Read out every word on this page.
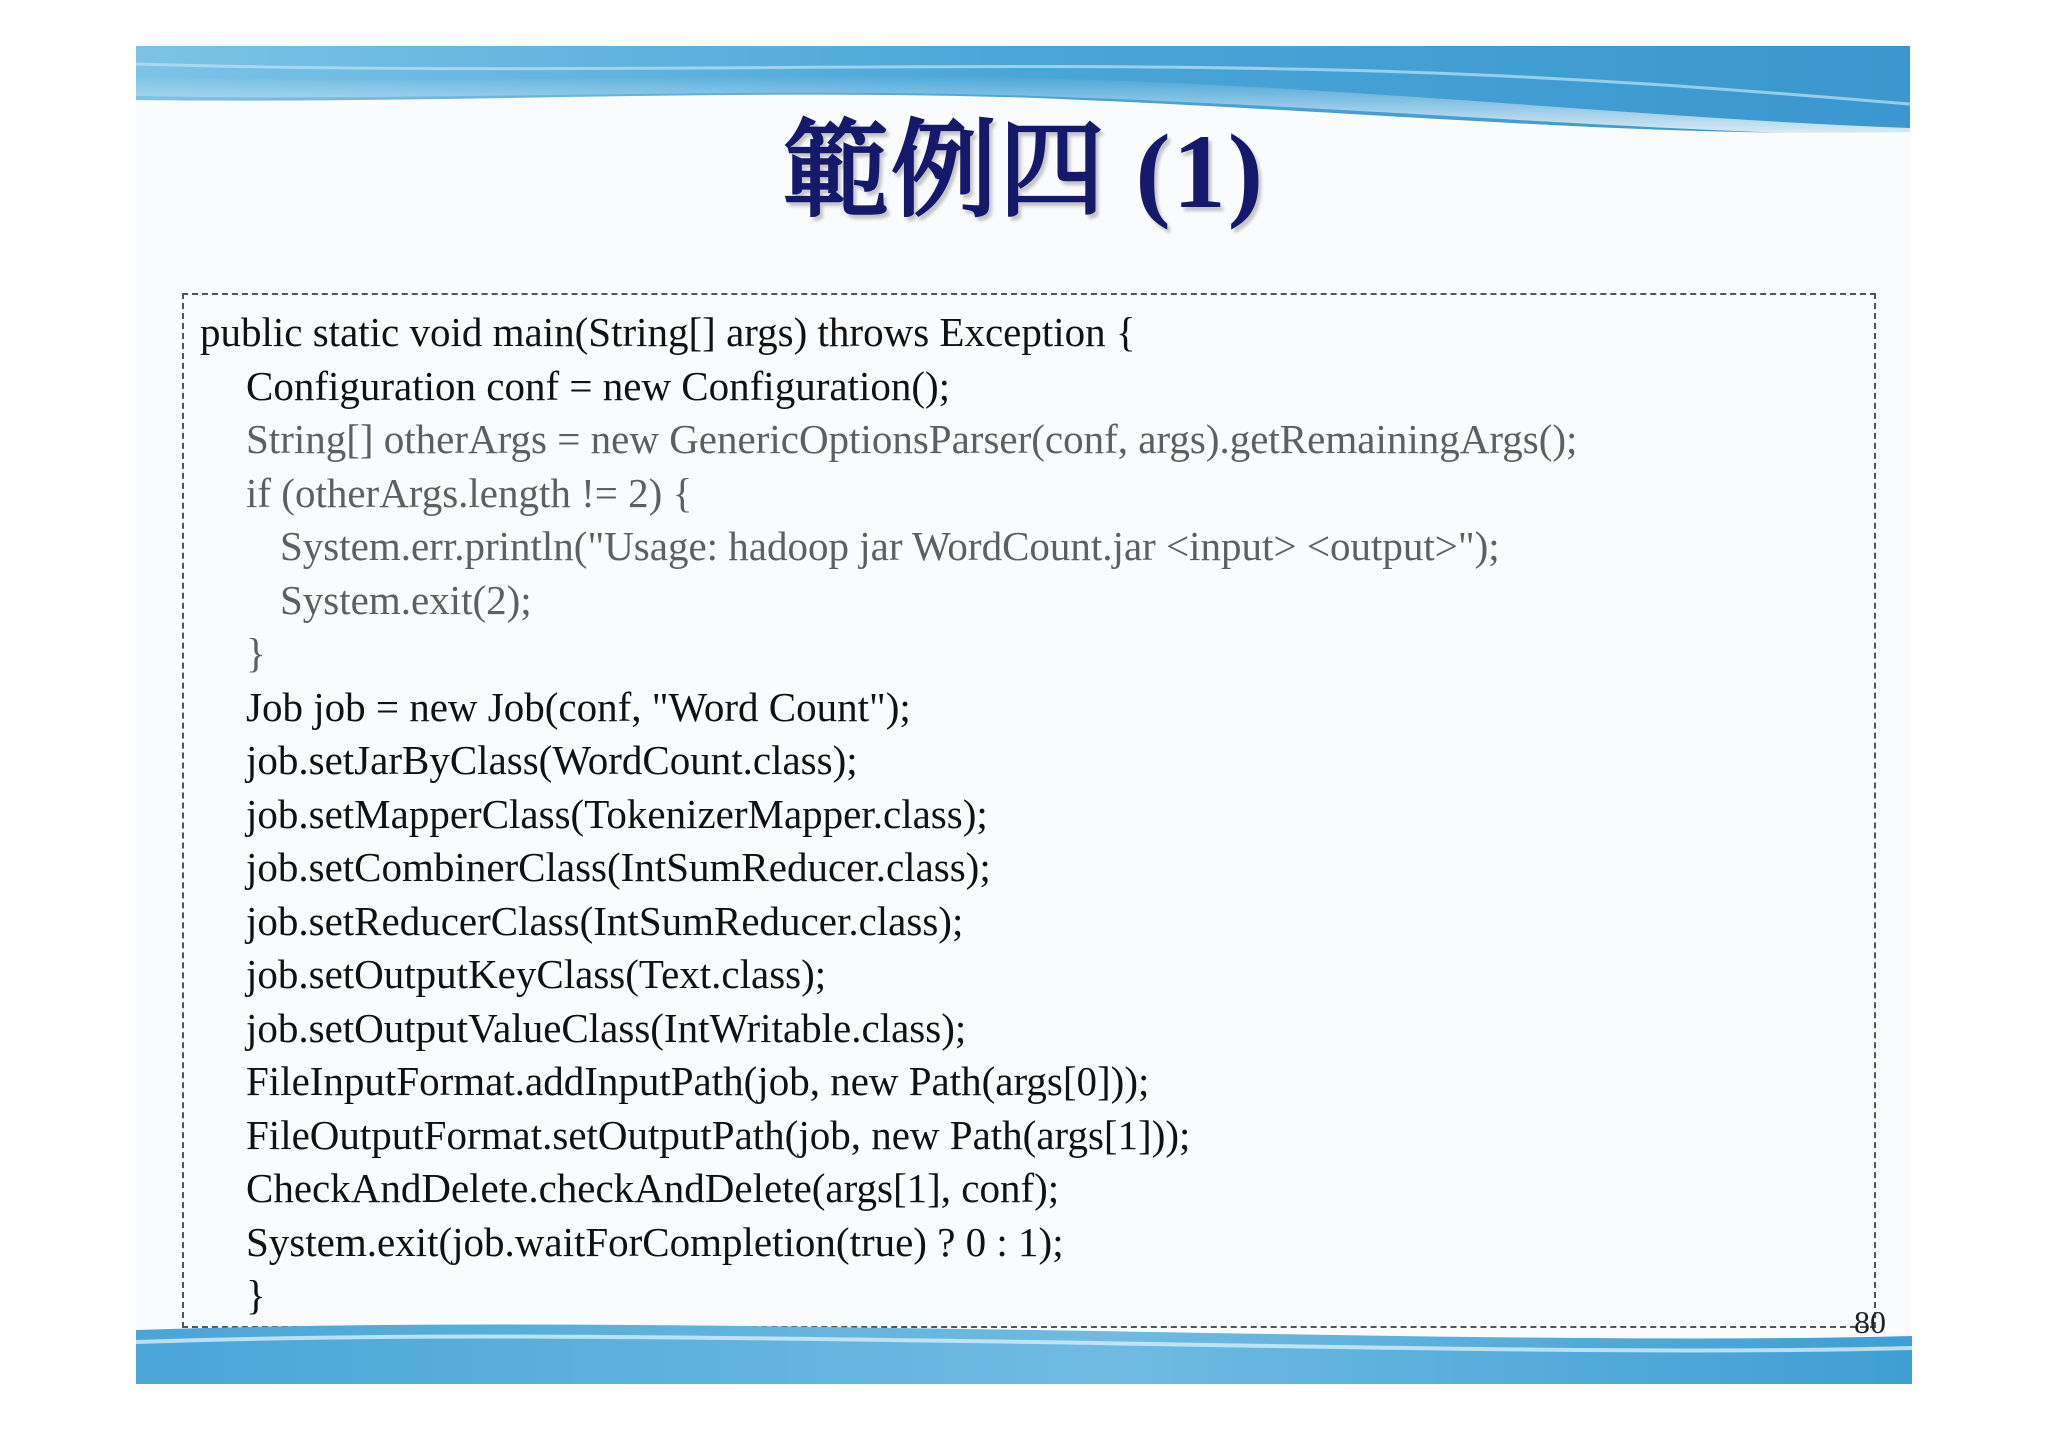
範例四 (1)
public static void main(String[] args) throws Exception {
Configuration conf = new Configuration();
String[] otherArgs = new GenericOptionsParser(conf, args).getRemainingArgs();
if (otherArgs.length != 2) {
System.err.println("Usage: hadoop jar WordCount.jar <input> <output>");
System.exit(2);
}
Job job = new Job(conf, "Word Count");
job.setJarByClass(WordCount.class);
job.setMapperClass(TokenizerMapper.class);
job.setCombinerClass(IntSumReducer.class);
job.setReducerClass(IntSumReducer.class);
job.setOutputKeyClass(Text.class);
job.setOutputValueClass(IntWritable.class);
FileInputFormat.addInputPath(job, new Path(args[0]));
FileOutputFormat.setOutputPath(job, new Path(args[1]));
CheckAndDelete.checkAndDelete(args[1], conf);
System.exit(job.waitForCompletion(true) ? 0 : 1);
}
80
